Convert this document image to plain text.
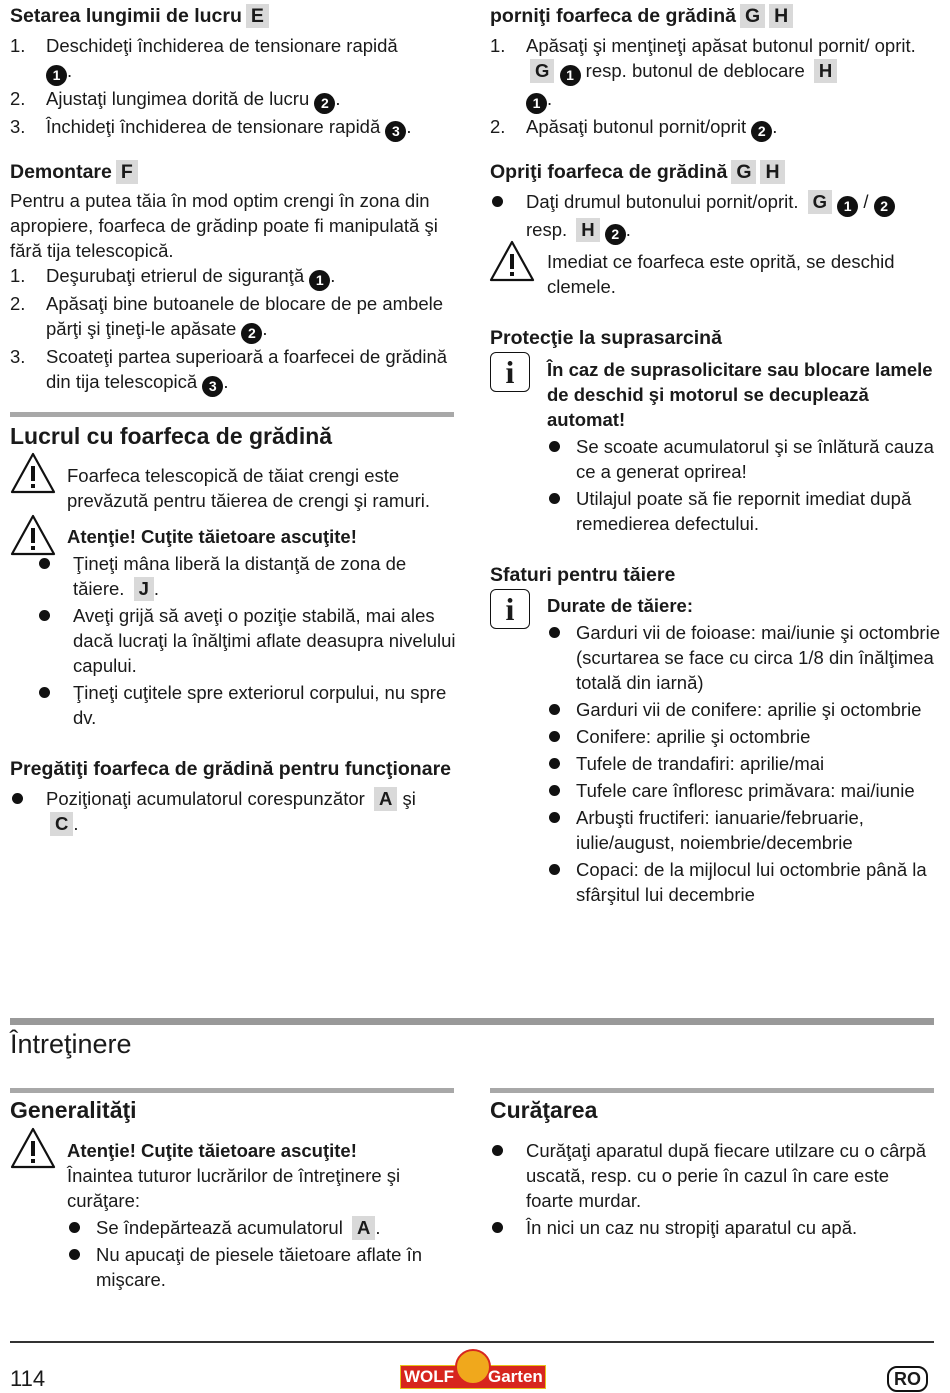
Setarea lungimii de lucru E
1.	Deschideţi închiderea de tensionare rapidă
1 .
2.	Ajustaţi lungimea dorită de lucru 2 .
3.	Închideţi închiderea de tensionare rapidă 3 .
Demontare F

Pentru a putea tăia în mod optim crengi în zona din apropiere, foarfeca de grădinp poate fi manipulată şi fără tija telescopică.

1.	Deşurubaţi etrierul de siguranţă 1 .
2.	Apăsaţi bine butoanele de blocare de pe ambele părţi şi ţineţi-le apăsate 2 .
3.	Scoateţi partea superioară a foarfecei de grădină din tija telescopică 3 .
Lucrul cu foarfeca de grădină

Foarfeca telescopică de tăiat crengi este prevăzută pentru tăierea de crengi şi ramuri.

Atenţie! Cuţite tăietoare ascuţite!

Ţineţi mâna liberă la distanţă de zona de tăiere. J .
Aveţi grijă să aveţi o poziţie stabilă, mai ales dacă lucraţi la înălţimi aflate deasupra nivelului capului.
Ţineţi cuţitele spre exteriorul corpului, nu spre dv.
Pregătiţi foarfeca de grădină pentru funcţionare
Poziţionaţi acumulatorul corespunzător A şi
C .
porniţi foarfeca de grădină G H
1.	Apăsaţi şi menţineţi apăsat butonul pornit/ oprit. G 1 resp. butonul de deblocare H
1 .
2.	Apăsaţi butonul pornit/oprit 2 .
Opriţi foarfeca de grădină G H
Daţi drumul butonului pornit/oprit. G 1 / 2
resp. H 2 .

Imediat ce foarfeca este oprită, se deschid clemele.

Protecţie la suprasarcină
i	În caz de suprasolicitare sau blocare lamele de deschid şi motorul se decuplează automat!

Se scoate acumulatorul şi se înlătură cauza ce a generat oprirea!
Utilajul poate să fie repornit imediat după remedierea defectului.
Sfaturi pentru tăiere
i	Durate de tăiere:

Garduri vii de foioase: mai/iunie şi octombrie (scurtarea se face cu circa 1/8 din înălţimea totală din iarnă)
Garduri vii de conifere: aprilie şi octombrie
Conifere: aprilie şi octombrie
Tufele de trandafiri: aprilie/mai
Tufele care înfloresc primăvara: mai/iunie
Arbuşti fructiferi: ianuarie/februarie, iulie/august, noiembrie/decembrie
Copaci: de la mijlocul lui octombrie până la sfârşitul lui decembrie
Întreţinere
Generalităţi

Atenţie! Cuţite tăietoare ascuţite!

Înaintea tuturor lucrărilor de întreţinere şi curăţare:

Se îndepărtează acumulatorul A .
Nu apucaţi de piesele tăietoare aflate în mişcare.
Curăţarea
Curăţaţi aparatul după fiecare utilzare cu o cârpă uscată, resp. cu o perie în cazul în care este foarte murdar.
În nici un caz nu stropiţi aparatul cu apă.
114	WOLF Garten	RO
